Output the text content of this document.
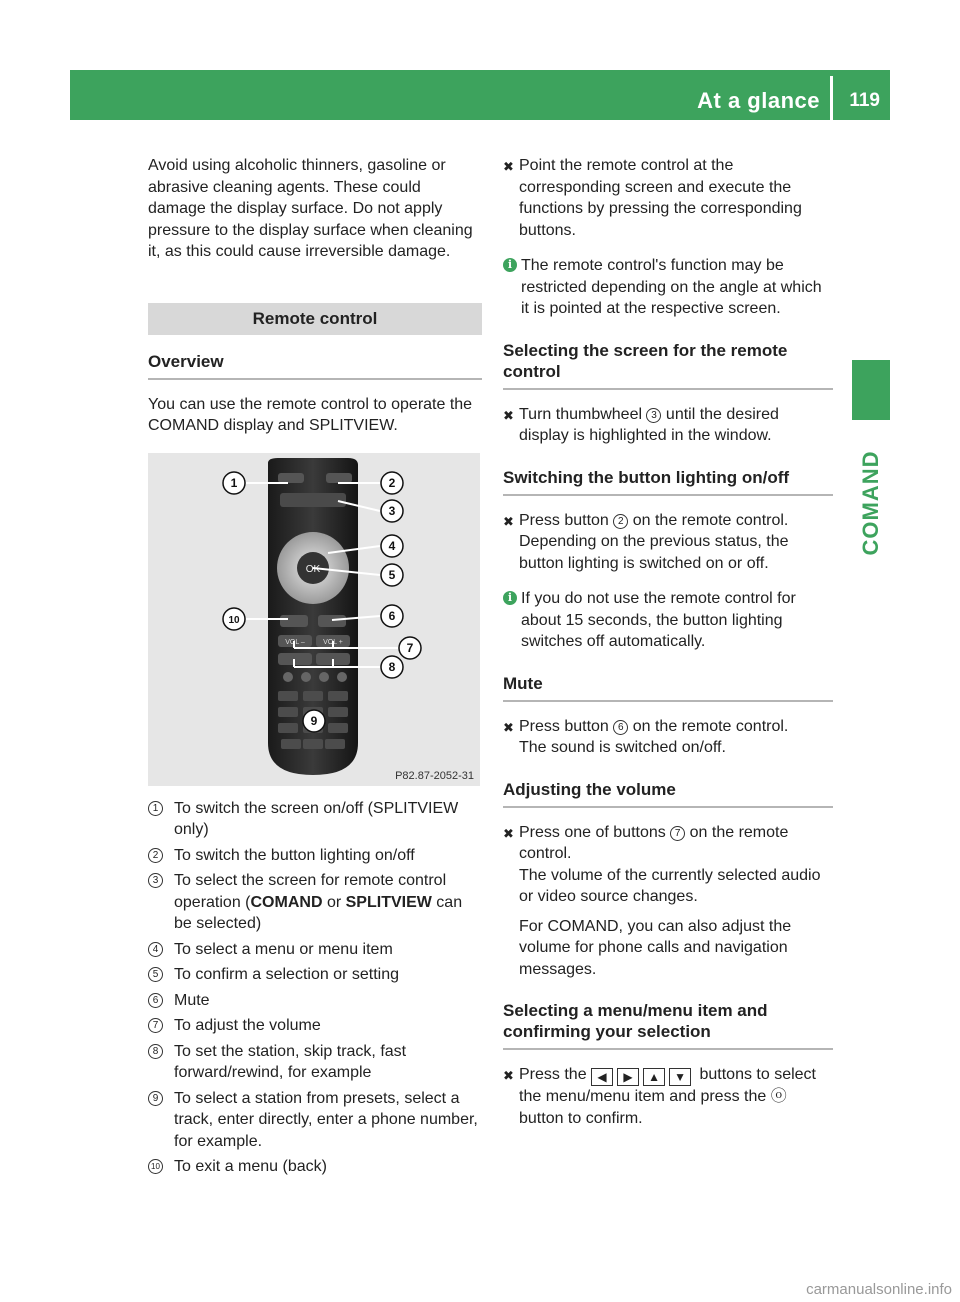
At a glance 119
COMAND

Avoid using alcoholic thinners, gasoline or abrasive cleaning agents. These could damage the display surface. Do not apply pressure to the display surface when cleaning it, as this could cause irreversible damage.

Remote control
Overview

You can use the remote control to operate the COMAND display and SPLITVIEW.

OK
VOL –	VOL +
1	2
3
4
5
6
7
8
9
10
P82.87-2052-31
1 To switch the screen on/off (SPLITVIEW only)
2 To switch the button lighting on/off
3 To select the screen for remote control operation (COMAND or SPLITVIEW can be selected)
4 To select a menu or menu item
5 To confirm a selection or setting
6 Mute
7 To adjust the volume
8 To set the station, skip track, fast forward/rewind, for example
9 To select a station from presets, select a track, enter directly, enter a phone number, for example.
10 To exit a menu (back)
✖ Point the remote control at the corresponding screen and execute the functions by pressing the corresponding buttons.
i The remote control's function may be restricted depending on the angle at which it is pointed at the respective screen.
Selecting the screen for the remote control
✖ Turn thumbwheel 3 until the desired display is highlighted in the window.
Switching the button lighting on/off
✖ Press button 2 on the remote control.
Depending on the previous status, the button lighting is switched on or off.
i If you do not use the remote control for about 15 seconds, the button lighting switches off automatically.
Mute
✖ Press button 6 on the remote control.
The sound is switched on/off.
Adjusting the volume
✖ Press one of buttons 7 on the remote control.
The volume of the currently selected audio or video source changes.

For COMAND, you can also adjust the volume for phone calls and navigation messages.

Selecting a menu/menu item and confirming your selection
✖ Press the ◀ ▶ ▲ ▼ buttons to select the menu/menu item and press the ⓞ button to confirm.
carmanualsonline.info
